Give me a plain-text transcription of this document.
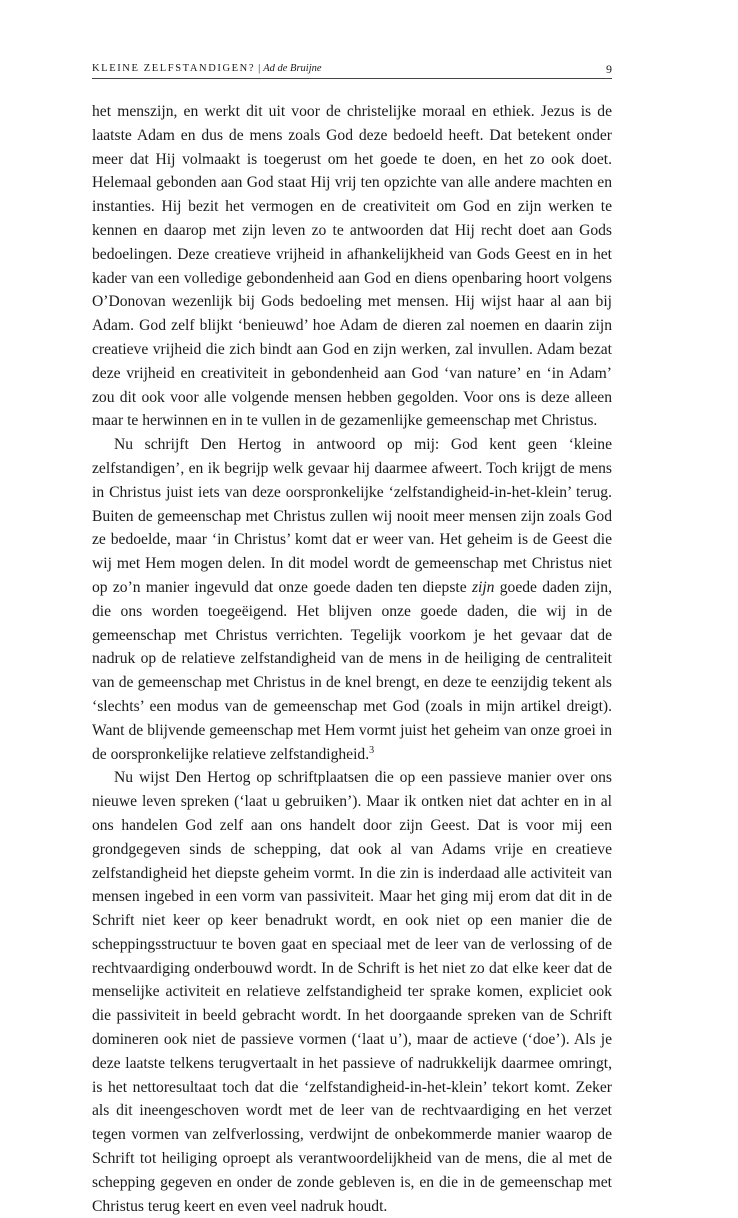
KLEINE ZELFSTANDIGEN? | Ad de Bruijne	9

het menszijn, en werkt dit uit voor de christelijke moraal en ethiek. Jezus is de laatste Adam en dus de mens zoals God deze bedoeld heeft. Dat betekent onder meer dat Hij volmaakt is toegerust om het goede te doen, en het zo ook doet. Helemaal gebonden aan God staat Hij vrij ten opzichte van alle andere machten en instanties. Hij bezit het vermogen en de creativiteit om God en zijn werken te kennen en daarop met zijn leven zo te antwoorden dat Hij recht doet aan Gods bedoelingen. Deze creatieve vrijheid in afhankelijkheid van Gods Geest en in het kader van een volledige gebondenheid aan God en diens openbaring hoort volgens O’Donovan wezenlijk bij Gods bedoeling met mensen. Hij wijst haar al aan bij Adam. God zelf blijkt ‘benieuwd’ hoe Adam de dieren zal noemen en daarin zijn creatieve vrijheid die zich bindt aan God en zijn werken, zal invullen. Adam bezat deze vrijheid en creativiteit in gebondenheid aan God ‘van nature’ en ‘in Adam’ zou dit ook voor alle volgende mensen hebben gegolden. Voor ons is deze alleen maar te herwinnen en in te vullen in de gezamenlijke gemeenschap met Christus.

Nu schrijft Den Hertog in antwoord op mij: God kent geen ‘kleine zelfstandigen’, en ik begrijp welk gevaar hij daarmee afweert. Toch krijgt de mens in Christus juist iets van deze oorspronkelijke ‘zelfstandigheid-in-het-klein’ terug. Buiten de gemeenschap met Christus zullen wij nooit meer mensen zijn zoals God ze bedoelde, maar ‘in Christus’ komt dat er weer van. Het geheim is de Geest die wij met Hem mogen delen. In dit model wordt de gemeenschap met Christus niet op zo’n manier ingevuld dat onze goede daden ten diepste zijn goede daden zijn, die ons worden toegeëigend. Het blijven onze goede daden, die wij in de gemeenschap met Christus verrichten. Tegelijk voorkom je het gevaar dat de nadruk op de relatieve zelfstandigheid van de mens in de heiliging de centraliteit van de gemeenschap met Christus in de knel brengt, en deze te eenzijdig tekent als ‘slechts’ een modus van de gemeenschap met God (zoals in mijn artikel dreigt). Want de blijvende gemeenschap met Hem vormt juist het geheim van onze groei in de oorspronkelijke relatieve zelfstandigheid.$^3$

Nu wijst Den Hertog op schriftplaatsen die op een passieve manier over ons nieuwe leven spreken (‘laat u gebruiken’). Maar ik ontken niet dat achter en in al ons handelen God zelf aan ons handelt door zijn Geest. Dat is voor mij een grondgegeven sinds de schepping, dat ook al van Adams vrije en creatieve zelfstandigheid het diepste geheim vormt. In die zin is inderdaad alle activiteit van mensen ingebed in een vorm van passiviteit. Maar het ging mij erom dat dit in de Schrift niet keer op keer benadrukt wordt, en ook niet op een manier die de scheppingsstructuur te boven gaat en speciaal met de leer van de verlossing of de rechtvaardiging onderbouwd wordt. In de Schrift is het niet zo dat elke keer dat de menselijke activiteit en relatieve zelfstandigheid ter sprake komen, expliciet ook die passiviteit in beeld gebracht wordt. In het doorgaande spreken van de Schrift domineren ook niet de passieve vormen (‘laat u’), maar de actieve (‘doe’). Als je deze laatste telkens terugvertaalt in het passieve of nadrukkelijk daarmee omringt, is het nettoresultaat toch dat die ‘zelfstandigheid-in-het-klein’ tekort komt. Zeker als dit ineengeschoven wordt met de leer van de rechtvaardiging en het verzet tegen vormen van zelfverlossing, verdwijnt de onbekommerde manier waarop de Schrift tot heiliging oproept als verantwoordelijkheid van de mens, die al met de schepping gegeven en onder de zonde gebleven is, en die in de gemeenschap met Christus terug keert en even veel nadruk houdt.
